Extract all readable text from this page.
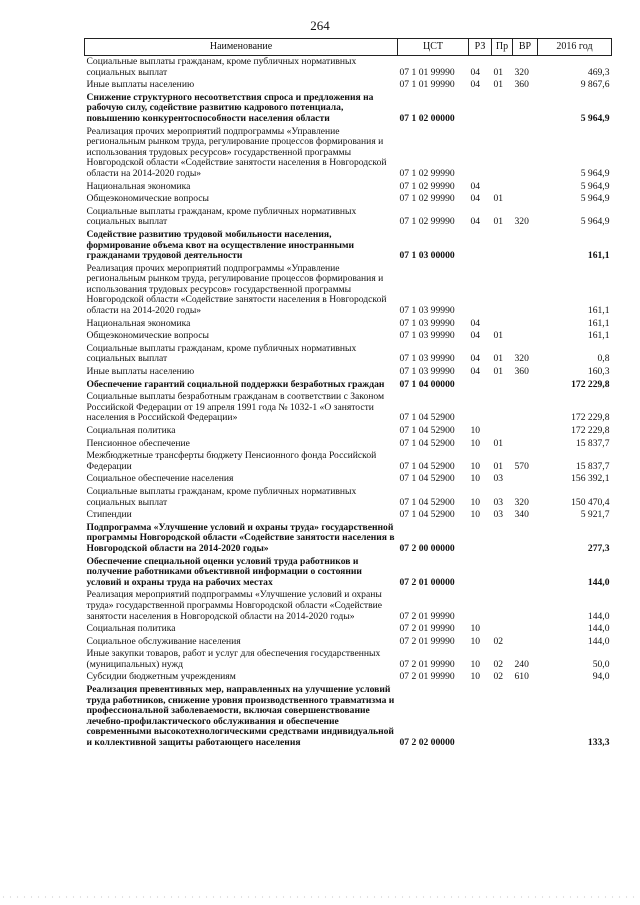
264
Наименование	ЦСТ	РЗ	Пр	ВР	2016 год
Социальные выплаты гражданам, кроме публичных нормативных социальных выплат	07 1 01 99990	04	01	320	469,3
Иные выплаты населению	07 1 01 99990	04	01	360	9 867,6
Снижение структурного несоответствия спроса и предложения на рабочую силу, содействие развитию кадрового потенциала, повышению конкурентоспособности населения области	07 1 02 00000				5 964,9
Реализация прочих мероприятий подпрограммы «Управление региональным рынком труда, регулирование процессов формирования и использования трудовых ресурсов» государственной программы Новгородской области «Содействие занятости населения в Новгородской области на 2014-2020 годы»	07 1 02 99990				5 964,9
Национальная экономика	07 1 02 99990	04			5 964,9
Общеэкономические вопросы	07 1 02 99990	04	01		5 964,9
Социальные выплаты гражданам, кроме публичных нормативных социальных выплат	07 1 02 99990	04	01	320	5 964,9
Содействие развитию трудовой мобильности населения, формирование объема квот на осуществление иностранными гражданами трудовой деятельности	07 1 03 00000				161,1
Реализация прочих мероприятий подпрограммы «Управление региональным рынком труда, регулирование процессов формирования и использования трудовых ресурсов» государственной программы Новгородской области «Содействие занятости населения в Новгородской области на 2014-2020 годы»	07 1 03 99990				161,1
Национальная экономика	07 1 03 99990	04			161,1
Общеэкономические вопросы	07 1 03 99990	04	01		161,1
Социальные выплаты гражданам, кроме публичных нормативных социальных выплат	07 1 03 99990	04	01	320	0,8
Иные выплаты населению	07 1 03 99990	04	01	360	160,3
Обеспечение гарантий социальной поддержки безработных граждан	07 1 04 00000				172 229,8
Социальные выплаты безработным гражданам в соответствии с Законом Российской Федерации от 19 апреля 1991 года № 1032-1 «О занятости населения в Российской Федерации»	07 1 04 52900				172 229,8
Социальная политика	07 1 04 52900	10			172 229,8
Пенсионное обеспечение	07 1 04 52900	10	01		15 837,7
Межбюджетные трансферты бюджету Пенсионного фонда Российской Федерации	07 1 04 52900	10	01	570	15 837,7
Социальное обеспечение населения	07 1 04 52900	10	03		156 392,1
Социальные выплаты гражданам, кроме публичных нормативных социальных выплат	07 1 04 52900	10	03	320	150 470,4
Стипендии	07 1 04 52900	10	03	340	5 921,7
Подпрограмма «Улучшение условий и охраны труда» государственной программы Новгородской области «Содействие занятости населения в Новгородской области на 2014-2020 годы»	07 2 00 00000				277,3
Обеспечение специальной оценки условий труда работников и получение работниками объективной информации о состоянии условий и охраны труда на рабочих местах	07 2 01 00000				144,0
Реализация мероприятий подпрограммы «Улучшение условий и охраны труда» государственной программы Новгородской области «Содействие занятости населения в Новгородской области на 2014-2020 годы»	07 2 01 99990				144,0
Социальная политика	07 2 01 99990	10			144,0
Социальное обслуживание населения	07 2 01 99990	10	02		144,0
Иные закупки товаров, работ и услуг для обеспечения государственных (муниципальных) нужд	07 2 01 99990	10	02	240	50,0
Субсидии бюджетным учреждениям	07 2 01 99990	10	02	610	94,0
Реализация превентивных мер, направленных на улучшение условий труда работников, снижение уровня производственного травматизма и профессиональной заболеваемости, включая совершенствование лечебно-профилактического обслуживания и обеспечение современными высокотехнологическими средствами индивидуальной и коллективной защиты работающего населения	07 2 02 00000				133,3
